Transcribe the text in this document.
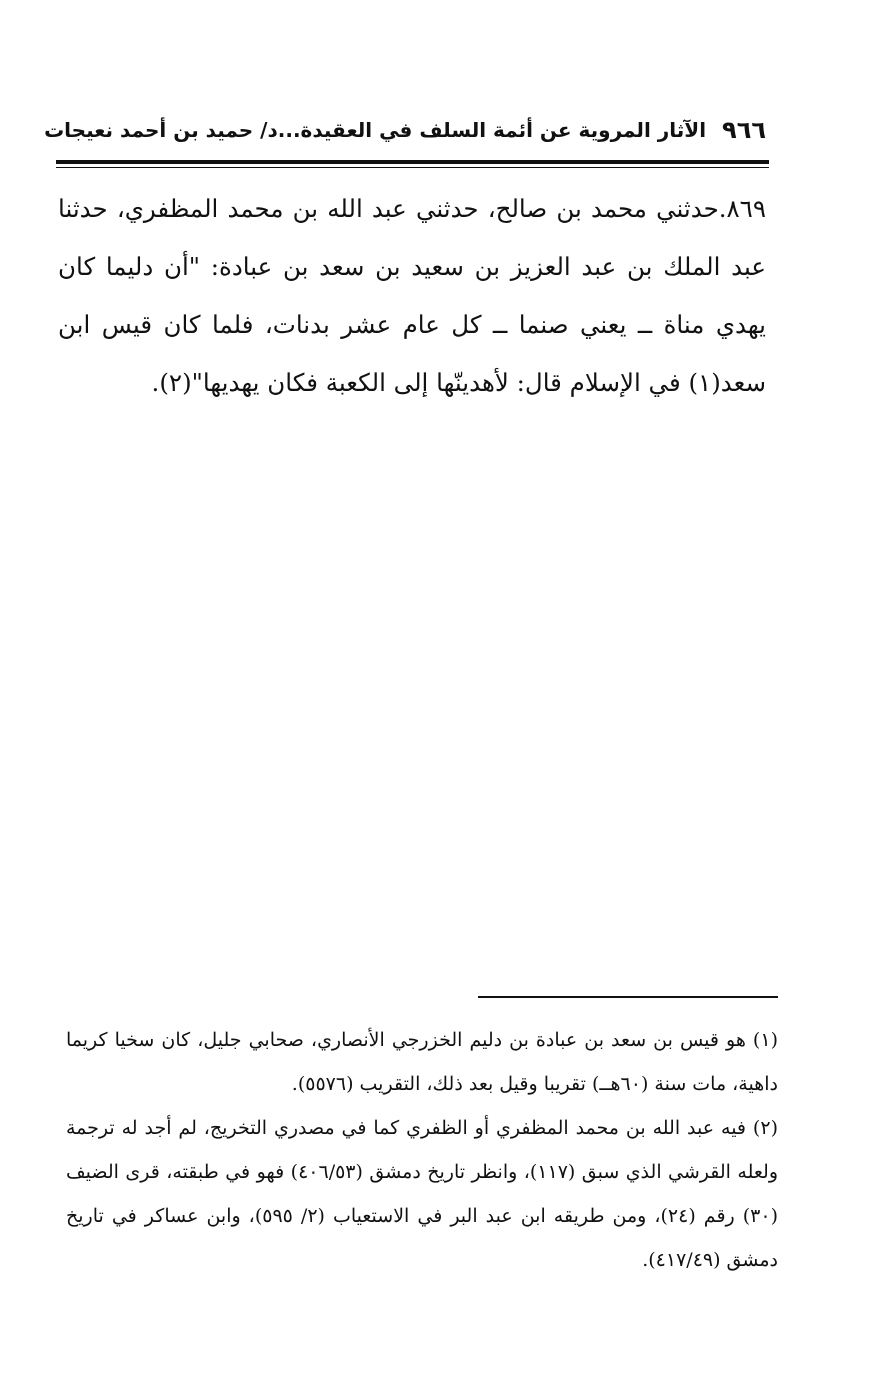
٩٦٦
الآثار المروية عن أئمة السلف في العقيدة...د/ حميد بن أحمد نعيجات

٨٦٩.حدثني محمد بن صالح، حدثني عبد الله بن محمد المظفري، حدثنا عبد الملك بن عبد العزيز بن سعيد بن سعد بن عبادة: "أن دليما كان يهدي مناة ــ يعني صنما ــ كل عام عشر بدنات، فلما كان قيس ابن سعد(١) في الإسلام قال: لأهدينّها إلى الكعبة فكان يهديها"(٢).

(١) هو قيس بن سعد بن عبادة بن دليم الخزرجي الأنصاري، صحابي جليل، كان سخيا كريما داهية، مات سنة (٦٠هــ) تقريبا وقيل بعد ذلك، التقريب (٥٥٧٦).

(٢) فيه عبد الله بن محمد المظفري أو الظفري كما في مصدري التخريج، لم أجد له ترجمة ولعله القرشي الذي سبق (١١٧)، وانظر تاريخ دمشق (٤٠٦/٥٣) فهو في طبقته، قرى الضيف (٣٠) رقم (٢٤)، ومن طريقه ابن عبد البر في الاستعياب (٢/ ٥٩٥)، وابن عساكر في تاريخ دمشق (٤١٧/٤٩).
